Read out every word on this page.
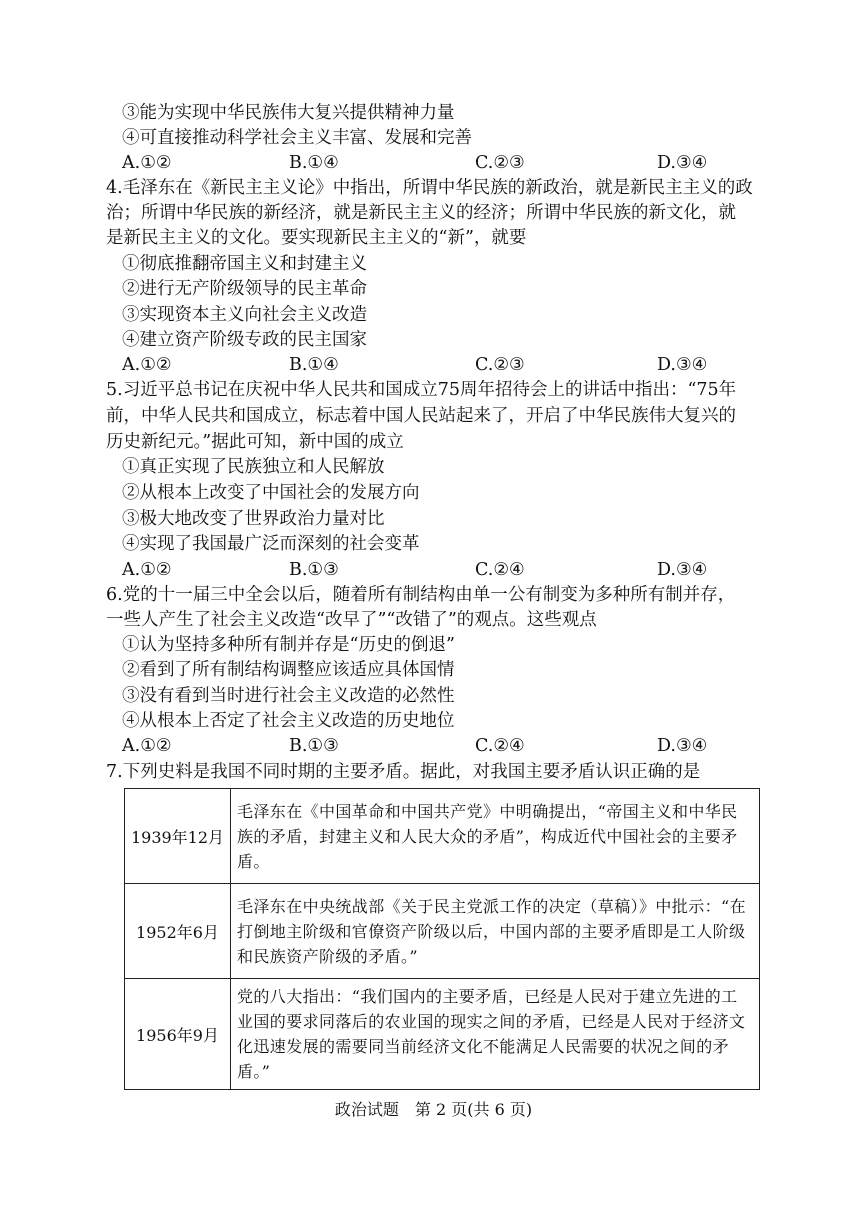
③能为实现中华民族伟大复兴提供精神力量
④可直接推动科学社会主义丰富、发展和完善
A.①②	B.①④	C.②③	D.③④
4.毛泽东在《新民主主义论》中指出，所谓中华民族的新政治，就是新民主主义的政
治；所谓中华民族的新经济，就是新民主主义的经济；所谓中华民族的新文化，就
是新民主主义的文化。要实现新民主主义的“新”，就要
①彻底推翻帝国主义和封建主义
②进行无产阶级领导的民主革命
③实现资本主义向社会主义改造
④建立资产阶级专政的民主国家
A.①②	B.①④	C.②③	D.③④
5.习近平总书记在庆祝中华人民共和国成立75周年招待会上的讲话中指出：“75年
前，中华人民共和国成立，标志着中国人民站起来了，开启了中华民族伟大复兴的
历史新纪元。”据此可知，新中国的成立
①真正实现了民族独立和人民解放
②从根本上改变了中国社会的发展方向
③极大地改变了世界政治力量对比
④实现了我国最广泛而深刻的社会变革
A.①②	B.①③	C.②④	D.③④
6.党的十一届三中全会以后，随着所有制结构由单一公有制变为多种所有制并存，
一些人产生了社会主义改造“改早了”“改错了”的观点。这些观点
①认为坚持多种所有制并存是“历史的倒退”
②看到了所有制结构调整应该适应具体国情
③没有看到当时进行社会主义改造的必然性
④从根本上否定了社会主义改造的历史地位
A.①②	B.①③	C.②④	D.③④
7.下列史料是我国不同时期的主要矛盾。据此，对我国主要矛盾认识正确的是
1939年12月
毛泽东在《中国革命和中国共产党》中明确提出，“帝国主义和中华民族的矛盾，封建主义和人民大众的矛盾”，构成近代中国社会的主要矛盾。
1952年6月
毛泽东在中央统战部《关于民主党派工作的决定（草稿）》中批示：“在打倒地主阶级和官僚资产阶级以后，中国内部的主要矛盾即是工人阶级和民族资产阶级的矛盾。”
1956年9月
党的八大指出：“我们国内的主要矛盾，已经是人民对于建立先进的工业国的要求同落后的农业国的现实之间的矛盾，已经是人民对于经济文化迅速发展的需要同当前经济文化不能满足人民需要的状况之间的矛盾。”
政治试题　第 2 页(共 6 页)
